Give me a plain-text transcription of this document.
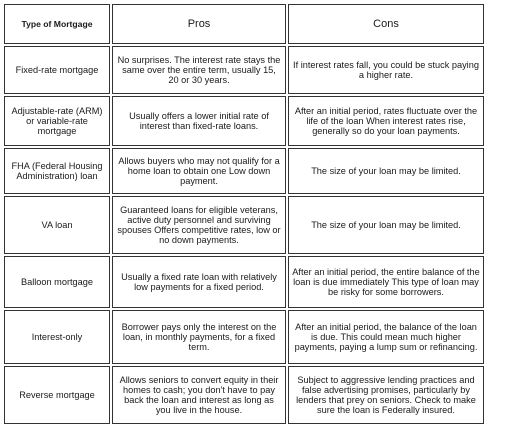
Type of Mortgage	Pros	Cons
Fixed-rate mortgage	No surprises. The interest rate stays the same over the entire term, usually 15, 20 or 30 years.	If interest rates fall, you could be stuck paying a higher rate.
Adjustable-rate (ARM) or variable-rate mortgage	Usually offers a lower initial rate of interest than fixed-rate loans.	After an initial period, rates fluctuate over the life of the loan When interest rates rise, generally so do your loan payments.
FHA (Federal Housing Administration) loan	Allows buyers who may not qualify for a home loan to obtain one Low down payment.	The size of your loan may be limited.
VA loan	Guaranteed loans for eligible veterans, active duty personnel and surviving spouses Offers competitive rates, low or no down payments.	The size of your loan may be limited.
Balloon mortgage	Usually a fixed rate loan with relatively low payments for a fixed period.	After an initial period, the entire balance of the loan is due immediately This type of loan may be risky for some borrowers.
Interest-only	Borrower pays only the interest on the loan, in monthly payments, for a fixed term.	After an initial period, the balance of the loan is due. This could mean much higher payments, paying a lump sum or refinancing.
Reverse mortgage	Allows seniors to convert equity in their homes to cash; you don't have to pay back the loan and interest as long as you live in the house.	Subject to aggressive lending practices and false advertising promises, particularly by lenders that prey on seniors. Check to make sure the loan is Federally insured.
